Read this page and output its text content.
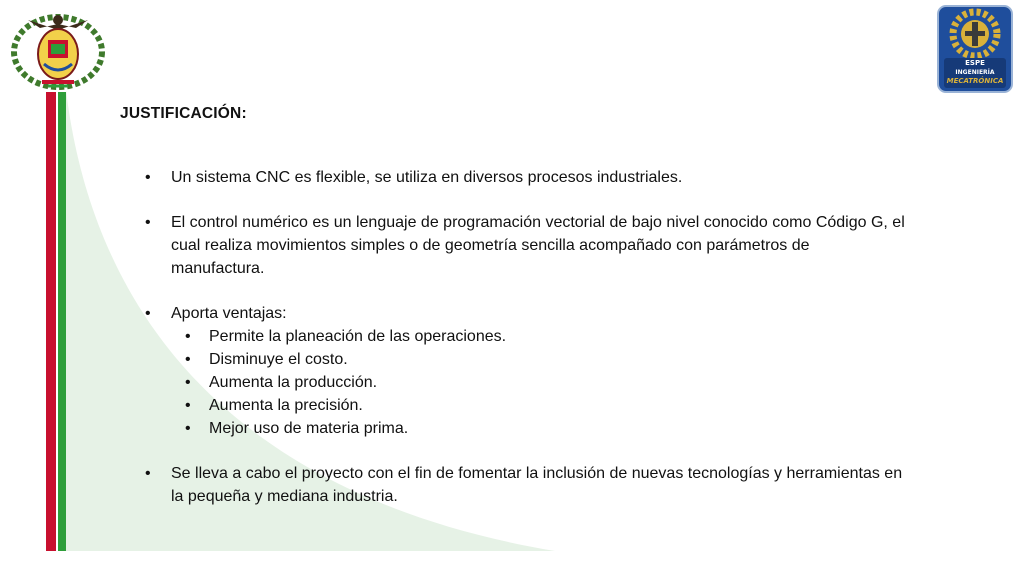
ESPE
INGENIERÍA
MECATRÓNICA
JUSTIFICACIÓN:
• Un sistema CNC es flexible, se utiliza en diversos procesos industriales.
• El control numérico es un lenguaje de programación vectorial de bajo nivel conocido como Código G, el cual realiza movimientos simples o de geometría sencilla acompañado con parámetros de manufactura.
• Aporta ventajas:
• Permite la planeación de las operaciones.
• Disminuye el costo.
• Aumenta la producción.
• Aumenta la precisión.
• Mejor uso de materia prima.
• Se lleva a cabo el proyecto con el fin de fomentar la inclusión de nuevas tecnologías y herramientas en la pequeña y mediana industria.
